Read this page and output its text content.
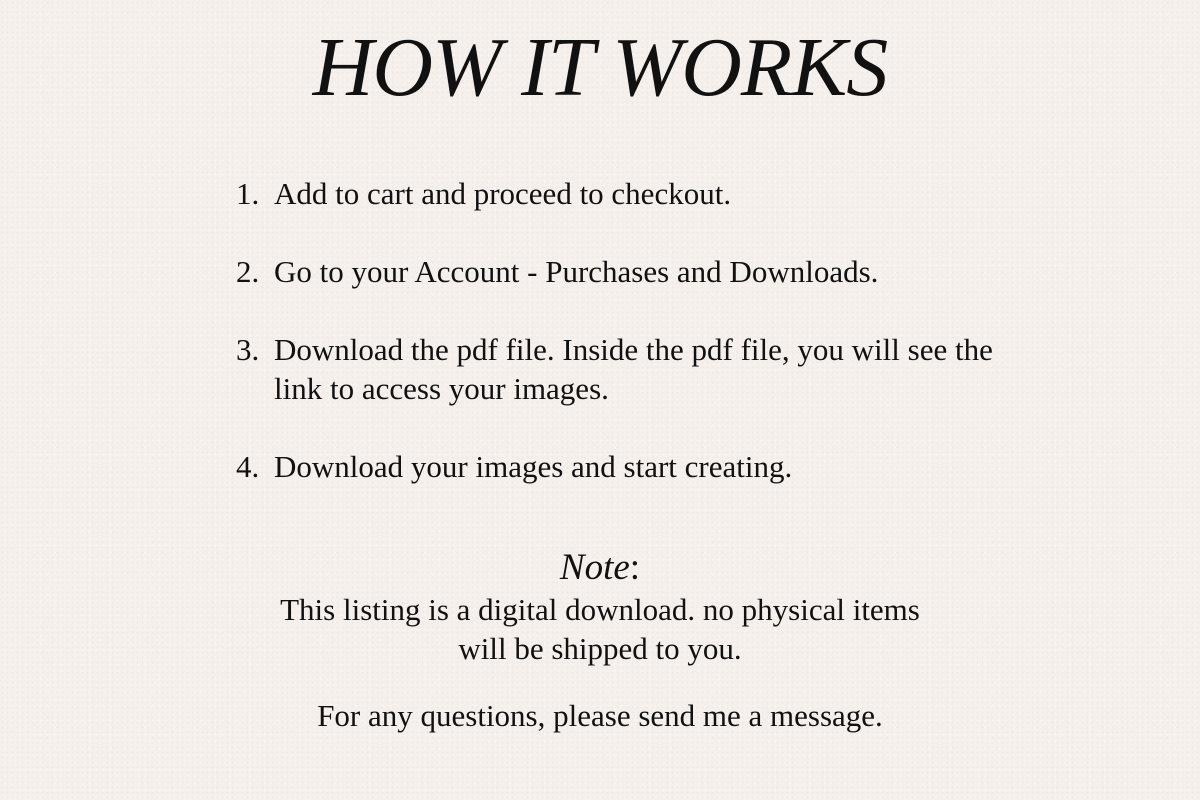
HOW IT WORKS
1. Add to cart and proceed to checkout.
2. Go to your Account - Purchases and Downloads.
3. Download the pdf file. Inside the pdf file, you will see the link to access your images.
4. Download your images and start creating.
Note:
This listing is a digital download. no physical items will be shipped to you.
For any questions, please send me a message.
